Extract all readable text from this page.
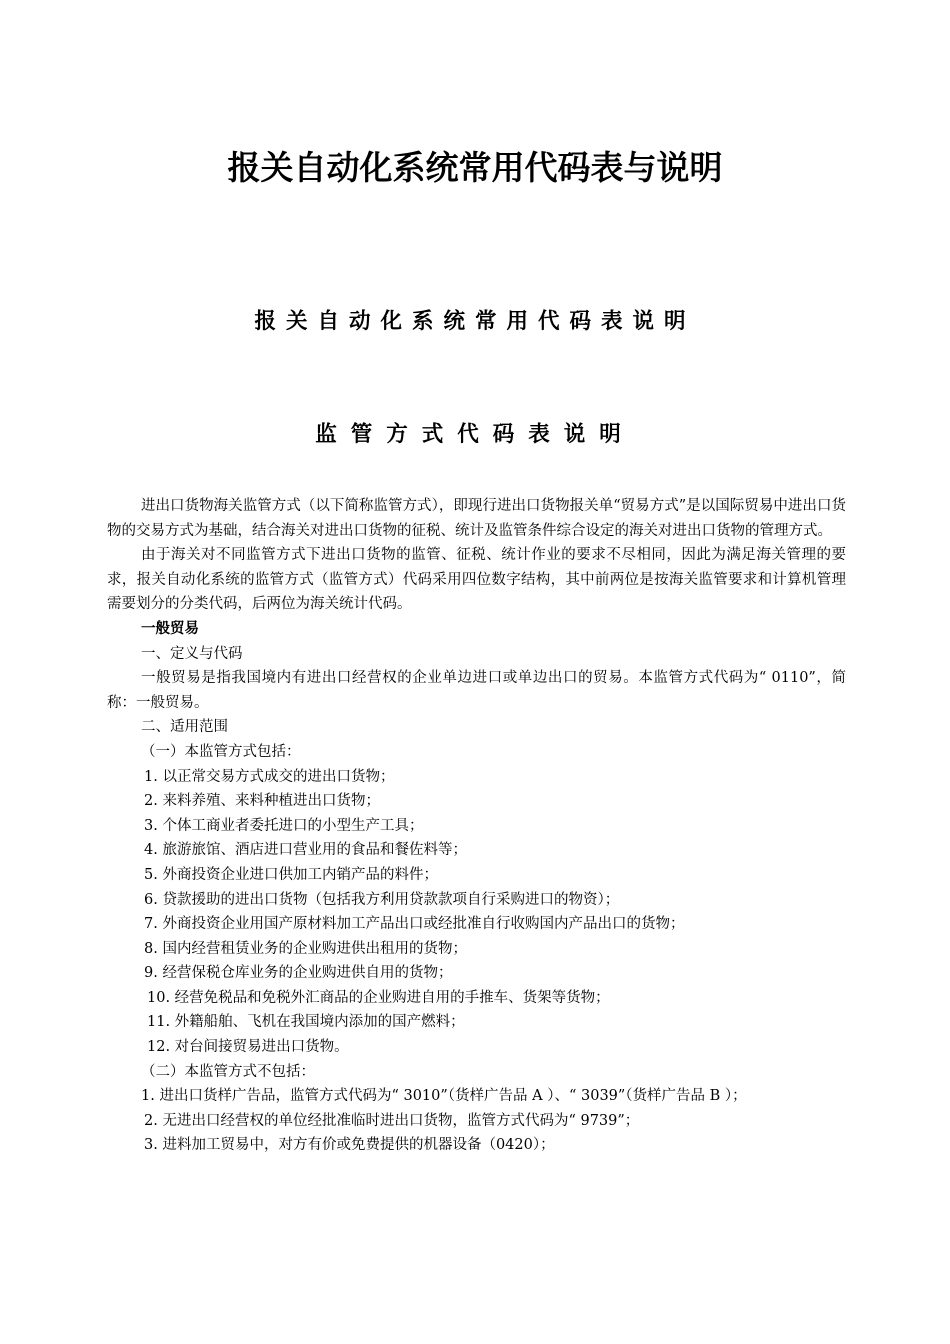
报关自动化系统常用代码表与说明
报关自动化系统常用代码表说明
监管方式代码表说明

进出口货物海关监管方式（以下简称监管方式），即现行进出口货物报关单“贸易方式”是以国际贸易中进出口货物的交易方式为基础，结合海关对进出口货物的征税、统计及监管条件综合设定的海关对进出口货物的管理方式。

由于海关对不同监管方式下进出口货物的监管、征税、统计作业的要求不尽相同，因此为满足海关管理的要求，报关自动化系统的监管方式（监管方式）代码采用四位数字结构，其中前两位是按海关监管要求和计算机管理需要划分的分类代码，后两位为海关统计代码。

一般贸易

一、定义与代码

一般贸易是指我国境内有进出口经营权的企业单边进口或单边出口的贸易。本监管方式代码为“ 0110”，简称：一般贸易。

二、适用范围

（一）本监管方式包括：

1. 以正常交易方式成交的进出口货物；

2. 来料养殖、来料种植进出口货物；

3. 个体工商业者委托进口的小型生产工具；

4. 旅游旅馆、酒店进口营业用的食品和餐佐料等；

5. 外商投资企业进口供加工内销产品的料件；

6. 贷款援助的进出口货物（包括我方利用贷款款项自行采购进口的物资）；

7. 外商投资企业用国产原材料加工产品出口或经批准自行收购国内产品出口的货物；

8. 国内经营租赁业务的企业购进供出租用的货物；

9. 经营保税仓库业务的企业购进供自用的货物；

10. 经营免税品和免税外汇商品的企业购进自用的手推车、货架等货物；

11. 外籍船舶、飞机在我国境内添加的国产燃料；

12. 对台间接贸易进出口货物。

（二）本监管方式不包括：

1. 进出口货样广告品，监管方式代码为“ 3010”（货样广告品 A ）、“ 3039”（货样广告品 B ）；

2. 无进出口经营权的单位经批准临时进出口货物，监管方式代码为“ 9739”；

3. 进料加工贸易中，对方有价或免费提供的机器设备（0420）；
